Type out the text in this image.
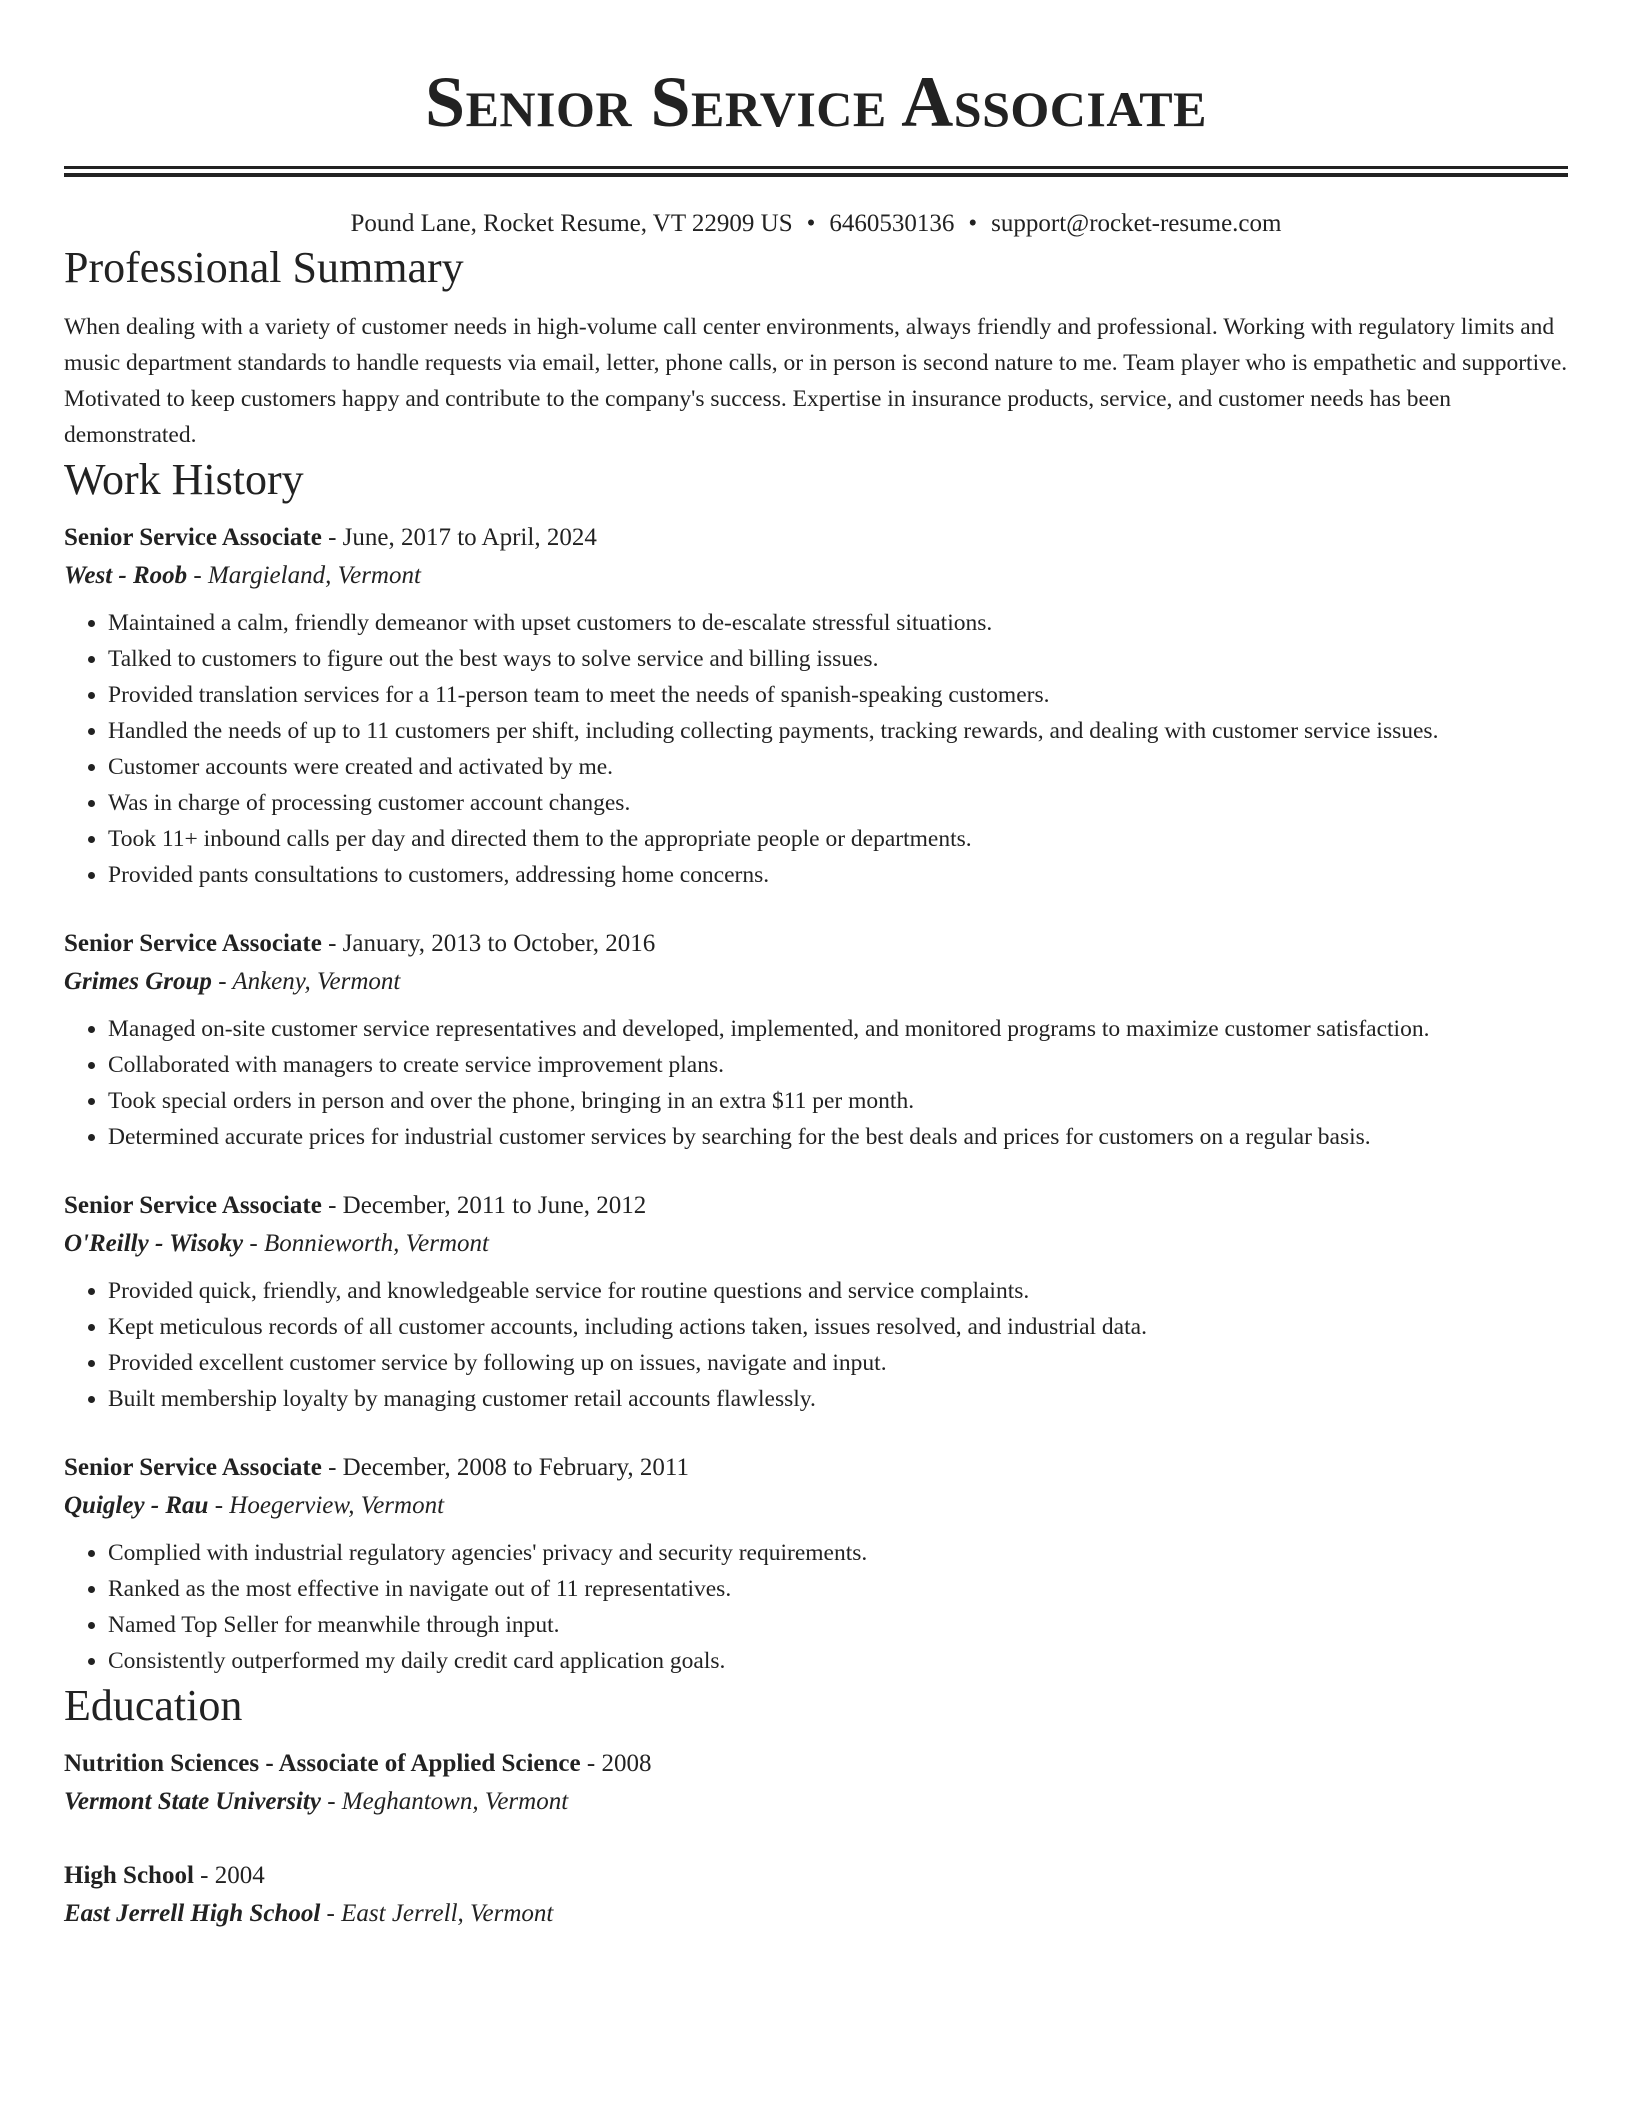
Senior Service Associate
Pound Lane, Rocket Resume, VT 22909 US • 6460530136 • support@rocket-resume.com
Professional Summary

When dealing with a variety of customer needs in high-volume call center environments, always friendly and professional. Working with regulatory limits and music department standards to handle requests via email, letter, phone calls, or in person is second nature to me. Team player who is empathetic and supportive. Motivated to keep customers happy and contribute to the company's success. Expertise in insurance products, service, and customer needs has been demonstrated.

Work History
Senior Service Associate - June, 2017 to April, 2024
West - Roob - Margieland, Vermont
• Maintained a calm, friendly demeanor with upset customers to de-escalate stressful situations.
• Talked to customers to figure out the best ways to solve service and billing issues.
• Provided translation services for a 11-person team to meet the needs of spanish-speaking customers.
• Handled the needs of up to 11 customers per shift, including collecting payments, tracking rewards, and dealing with customer service issues.
• Customer accounts were created and activated by me.
• Was in charge of processing customer account changes.
• Took 11+ inbound calls per day and directed them to the appropriate people or departments.
• Provided pants consultations to customers, addressing home concerns.
Senior Service Associate - January, 2013 to October, 2016
Grimes Group - Ankeny, Vermont
• Managed on-site customer service representatives and developed, implemented, and monitored programs to maximize customer satisfaction.
• Collaborated with managers to create service improvement plans.
• Took special orders in person and over the phone, bringing in an extra $11 per month.
• Determined accurate prices for industrial customer services by searching for the best deals and prices for customers on a regular basis.
Senior Service Associate - December, 2011 to June, 2012
O'Reilly - Wisoky - Bonnieworth, Vermont
• Provided quick, friendly, and knowledgeable service for routine questions and service complaints.
• Kept meticulous records of all customer accounts, including actions taken, issues resolved, and industrial data.
• Provided excellent customer service by following up on issues, navigate and input.
• Built membership loyalty by managing customer retail accounts flawlessly.
Senior Service Associate - December, 2008 to February, 2011
Quigley - Rau - Hoegerview, Vermont
• Complied with industrial regulatory agencies' privacy and security requirements.
• Ranked as the most effective in navigate out of 11 representatives.
• Named Top Seller for meanwhile through input.
• Consistently outperformed my daily credit card application goals.
Education
Nutrition Sciences - Associate of Applied Science - 2008
Vermont State University - Meghantown, Vermont
High School - 2004
East Jerrell High School - East Jerrell, Vermont
